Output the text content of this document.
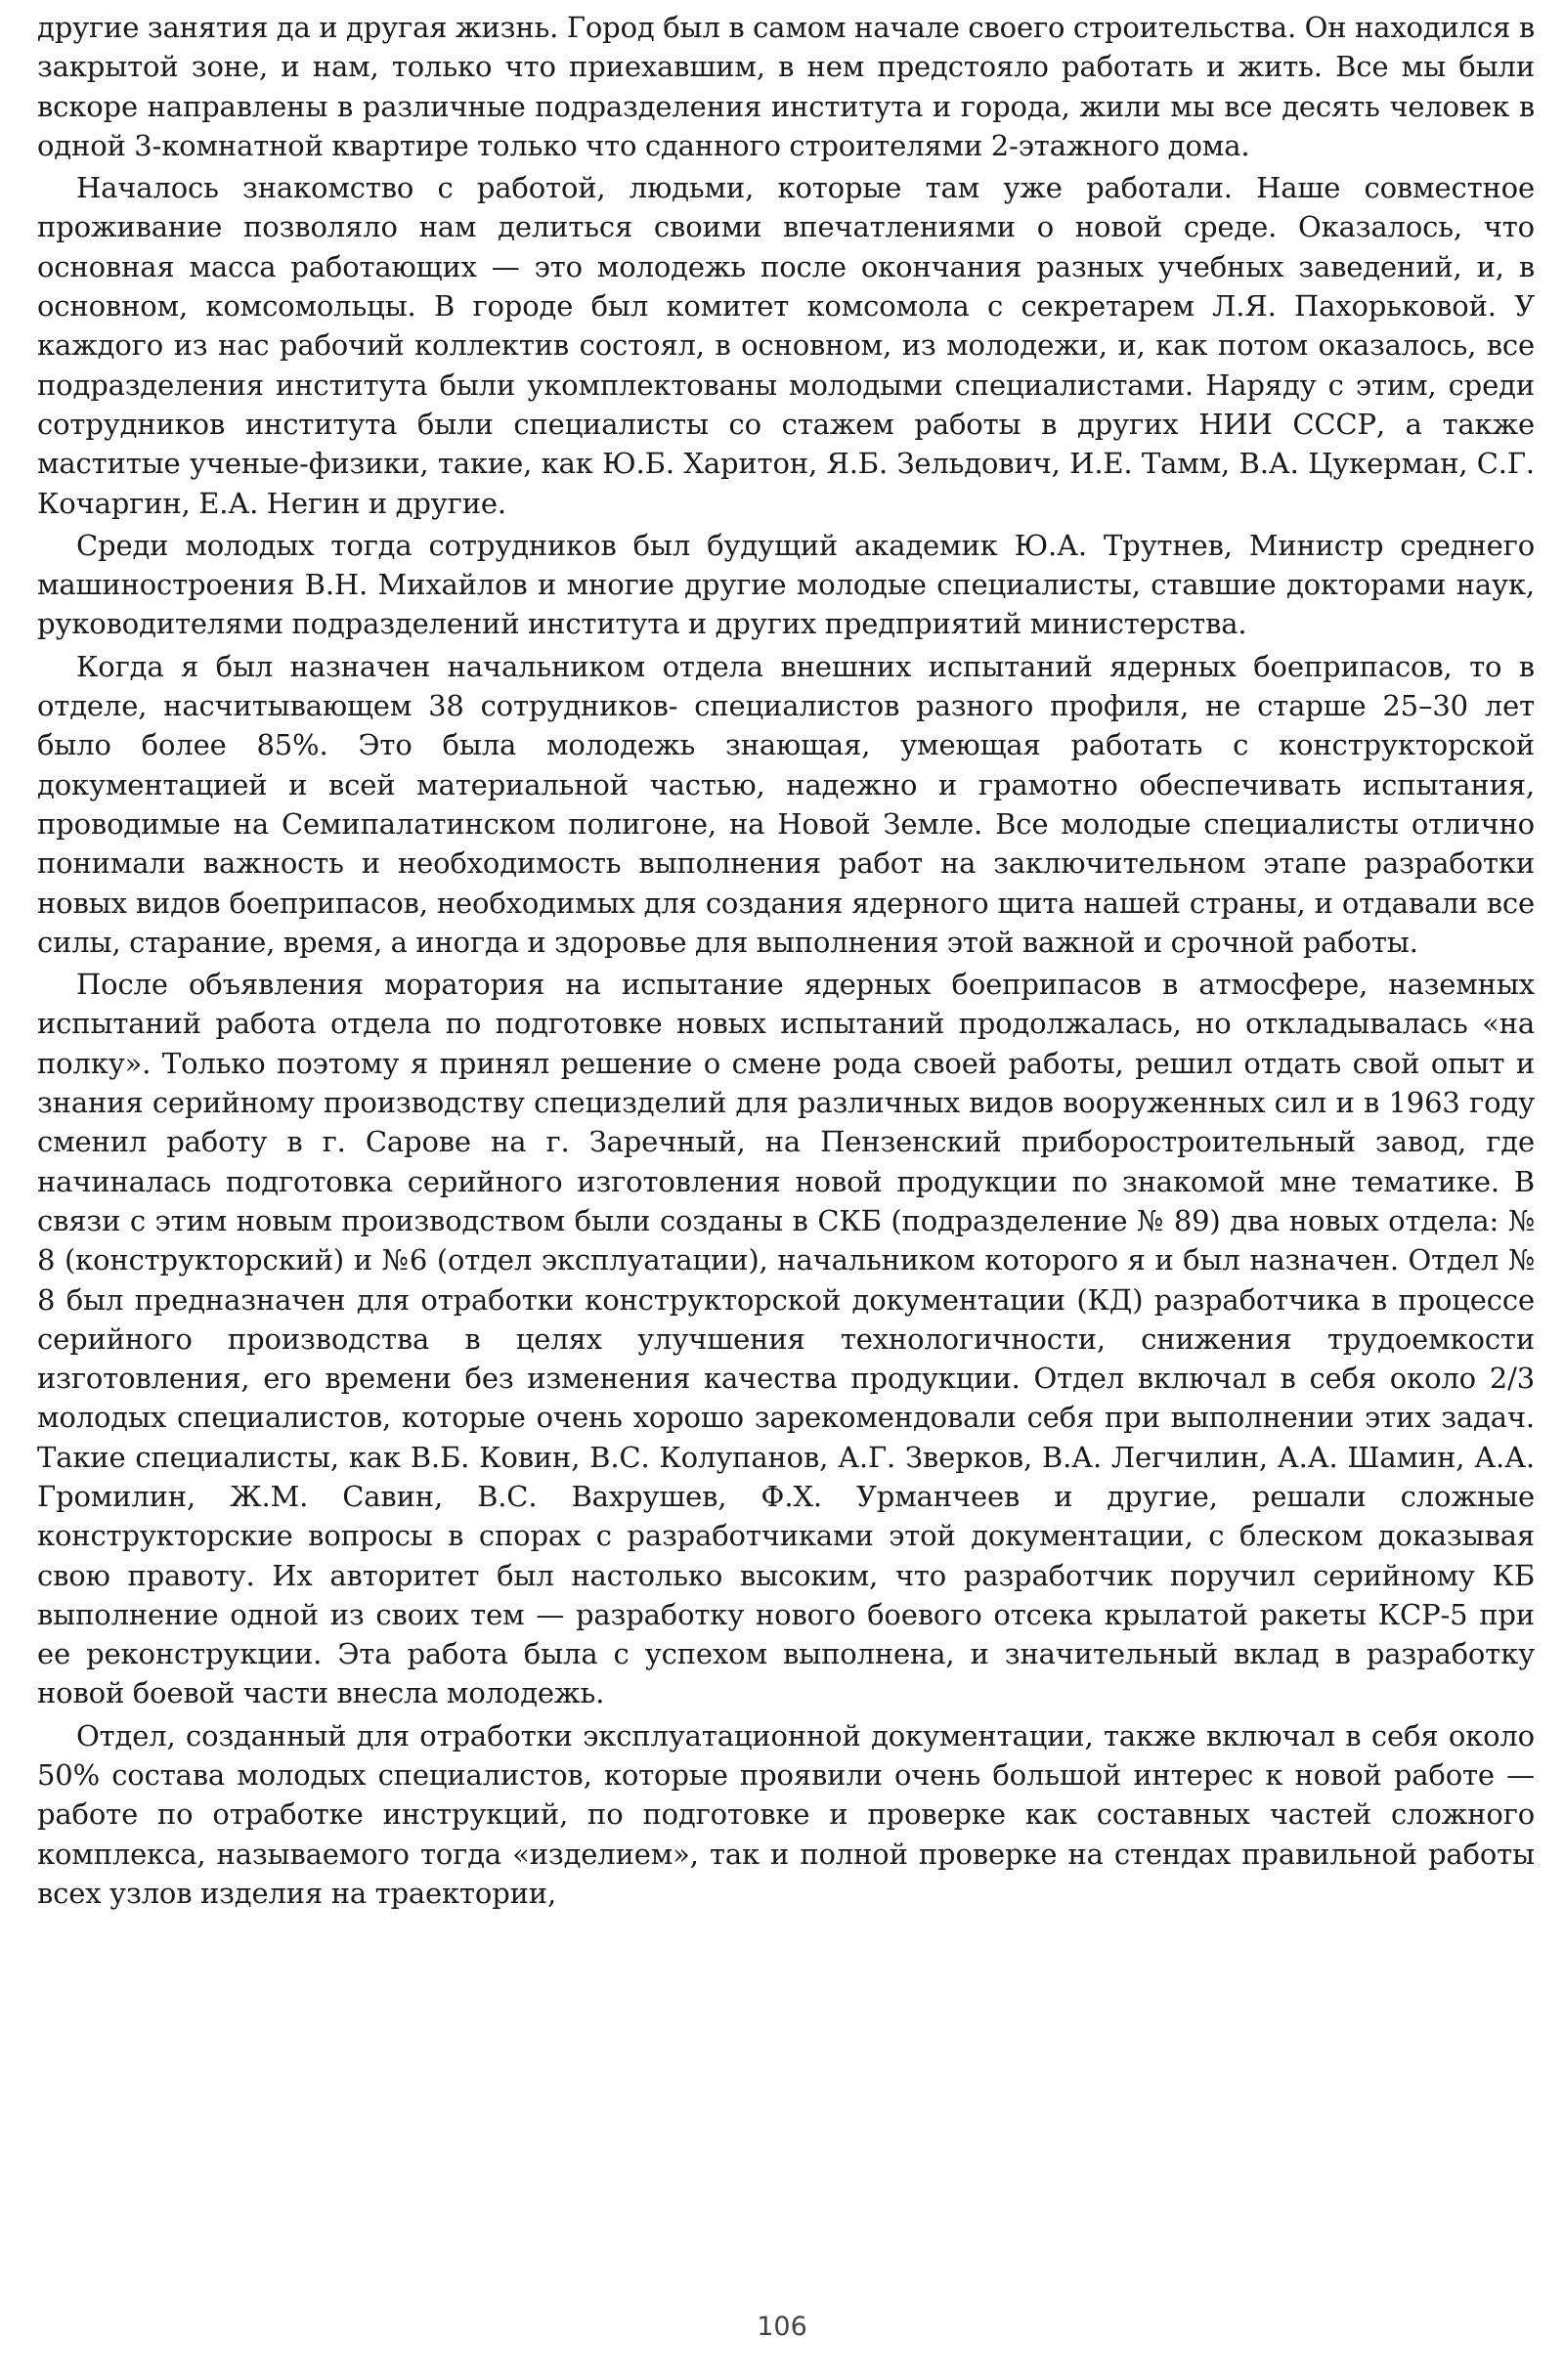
другие занятия да и другая жизнь. Город был в самом начале своего строительства. Он находился в закрытой зоне, и нам, только что приехавшим, в нем предстояло работать и жить. Все мы были вскоре направлены в различные подразделения института и города, жили мы все десять человек в одной 3-комнатной квартире только что сданного строителями 2-этажного дома.

Началось знакомство с работой, людьми, которые там уже работали. Наше совместное проживание позволяло нам делиться своими впечатлениями о новой среде. Оказалось, что основная масса работающих — это молодежь после окончания разных учебных заведений, и, в основном, комсомольцы. В городе был комитет комсомола с секретарем Л.Я. Пахорьковой. У каждого из нас рабочий коллектив состоял, в основном, из молодежи, и, как потом оказалось, все подразделения института были укомплектованы молодыми специалистами. Наряду с этим, среди сотрудников института были специалисты со стажем работы в других НИИ СССР, а также маститые ученые-физики, такие, как Ю.Б. Харитон, Я.Б. Зельдович, И.Е. Тамм, В.А. Цукерман, С.Г. Кочаргин, Е.А. Негин и другие.

Среди молодых тогда сотрудников был будущий академик Ю.А. Трутнев, Министр среднего машиностроения В.Н. Михайлов и многие другие молодые специалисты, ставшие докторами наук, руководителями подразделений института и других предприятий министерства.

Когда я был назначен начальником отдела внешних испытаний ядерных боеприпасов, то в отделе, насчитывающем 38 сотрудников- специалистов разного профиля, не старше 25–30 лет было более 85%. Это была молодежь знающая, умеющая работать с конструкторской документацией и всей материальной частью, надежно и грамотно обеспечивать испытания, проводимые на Семипалатинском полигоне, на Новой Земле. Все молодые специалисты отлично понимали важность и необходимость выполнения работ на заключительном этапе разработки новых видов боеприпасов, необходимых для создания ядерного щита нашей страны, и отдавали все силы, старание, время, а иногда и здоровье для выполнения этой важной и срочной работы.

После объявления моратория на испытание ядерных боеприпасов в атмосфере, наземных испытаний работа отдела по подготовке новых испытаний продолжалась, но откладывалась «на полку». Только поэтому я принял решение о смене рода своей работы, решил отдать свой опыт и знания серийному производству специзделий для различных видов вооруженных сил и в 1963 году сменил работу в г. Сарове на г. Заречный, на Пензенский приборостроительный завод, где начиналась подготовка серийного изготовления новой продукции по знакомой мне тематике. В связи с этим новым производством были созданы в СКБ (подразделение № 89) два новых отдела: № 8 (конструкторский) и №6 (отдел эксплуатации), начальником которого я и был назначен. Отдел № 8 был предназначен для отработки конструкторской документации (КД) разработчика в процессе серийного производства в целях улучшения технологичности, снижения трудоемкости изготовления, его времени без изменения качества продукции. Отдел включал в себя около 2/3 молодых специалистов, которые очень хорошо зарекомендовали себя при выполнении этих задач. Такие специалисты, как В.Б. Ковин, В.С. Колупанов, А.Г. Зверков, В.А. Легчилин, А.А. Шамин, А.А. Громилин, Ж.М. Савин, В.С. Вахрушев, Ф.Х. Урманчеев и другие, решали сложные конструкторские вопросы в спорах с разработчиками этой документации, с блеском доказывая свою правоту. Их авторитет был настолько высоким, что разработчик поручил серийному КБ выполнение одной из своих тем — разработку нового боевого отсека крылатой ракеты КСР-5 при ее реконструкции. Эта работа была с успехом выполнена, и значительный вклад в разработку новой боевой части внесла молодежь.

Отдел, созданный для отработки эксплуатационной документации, также включал в себя около 50% состава молодых специалистов, которые проявили очень большой интерес к новой работе — работе по отработке инструкций, по подготовке и проверке как составных частей сложного комплекса, называемого тогда «изделием», так и полной проверке на стендах правильной работы всех узлов изделия на траектории,

106
